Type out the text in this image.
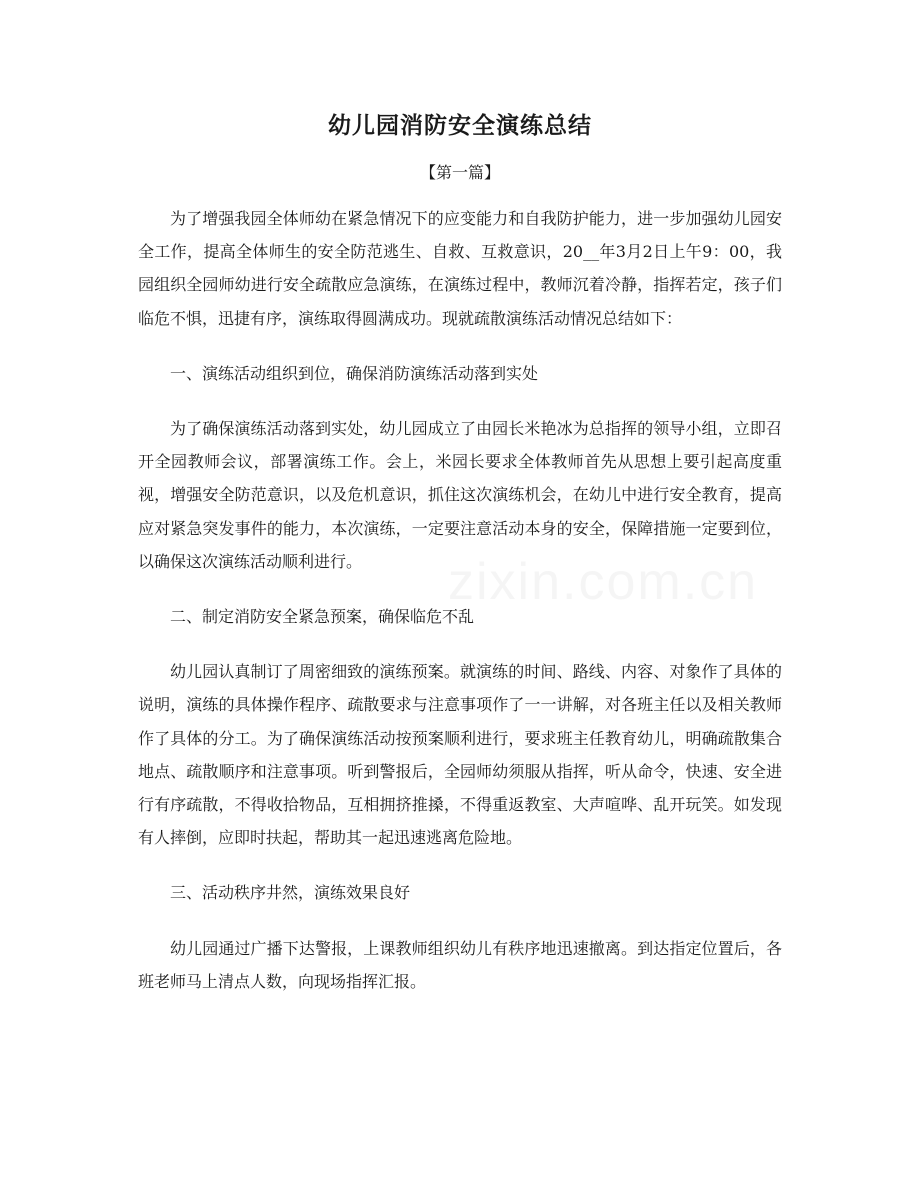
幼儿园消防安全演练总结
【第一篇】

为了增强我园全体师幼在紧急情况下的应变能力和自我防护能力，进一步加强幼儿园安全工作，提高全体师生的安全防范逃生、自救、互救意识，20__年3月2日上午9：00，我园组织全园师幼进行安全疏散应急演练，在演练过程中，教师沉着冷静，指挥若定，孩子们临危不惧，迅捷有序，演练取得圆满成功。现就疏散演练活动情况总结如下：

一、演练活动组织到位，确保消防演练活动落到实处

为了确保演练活动落到实处，幼儿园成立了由园长米艳冰为总指挥的领导小组，立即召开全园教师会议，部署演练工作。会上，米园长要求全体教师首先从思想上要引起高度重视，增强安全防范意识，以及危机意识，抓住这次演练机会，在幼儿中进行安全教育，提高应对紧急突发事件的能力，本次演练，一定要注意活动本身的安全，保障措施一定要到位，以确保这次演练活动顺利进行。

二、制定消防安全紧急预案，确保临危不乱

幼儿园认真制订了周密细致的演练预案。就演练的时间、路线、内容、对象作了具体的说明，演练的具体操作程序、疏散要求与注意事项作了一一讲解，对各班主任以及相关教师作了具体的分工。为了确保演练活动按预案顺利进行，要求班主任教育幼儿，明确疏散集合地点、疏散顺序和注意事项。听到警报后，全园师幼须服从指挥，听从命令，快速、安全进行有序疏散，不得收拾物品，互相拥挤推搡，不得重返教室、大声喧哗、乱开玩笑。如发现有人摔倒，应即时扶起，帮助其一起迅速逃离危险地。

三、活动秩序井然，演练效果良好

幼儿园通过广播下达警报，上课教师组织幼儿有秩序地迅速撤离。到达指定位置后，各班老师马上清点人数，向现场指挥汇报。

zixin.com.cn
